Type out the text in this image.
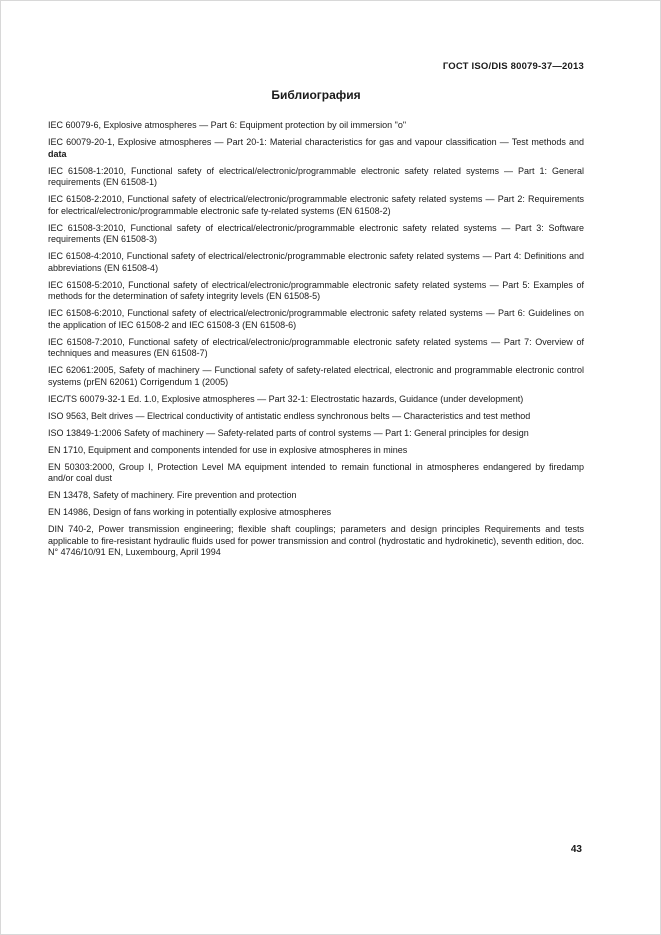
ГОСТ ISO/DIS 80079-37—2013
Библиография

IEC 60079-6, Explosive atmospheres — Part 6: Equipment protection by oil immersion "o"

IEC 60079-20-1, Explosive atmospheres — Part 20-1: Material characteristics for gas and vapour classification — Test methods and data

IEC 61508-1:2010, Functional safety of electrical/electronic/programmable electronic safety related systems — Part 1: General requirements (EN 61508-1)

IEC 61508-2:2010, Functional safety of electrical/electronic/programmable electronic safety related systems — Part 2: Requirements for electrical/electronic/programmable electronic safe ty-related systems (EN 61508-2)

IEC 61508-3:2010, Functional safety of electrical/electronic/programmable electronic safety related systems — Part 3: Software requirements (EN 61508-3)

IEC 61508-4:2010, Functional safety of electrical/electronic/programmable electronic safety related systems — Part 4: Definitions and abbreviations (EN 61508-4)

IEC 61508-5:2010, Functional safety of electrical/electronic/programmable electronic safety related systems — Part 5: Examples of methods for the determination of safety integrity levels (EN 61508-5)

IEC 61508-6:2010, Functional safety of electrical/electronic/programmable electronic safety related systems — Part 6: Guidelines on the application of IEC 61508-2 and IEC 61508-3 (EN 61508-6)

IEC 61508-7:2010, Functional safety of electrical/electronic/programmable electronic safety related systems — Part 7: Overview of techniques and measures (EN 61508-7)

IEC 62061:2005, Safety of machinery — Functional safety of safety-related electrical, electronic and programmable electronic control systems (prEN 62061) Corrigendum 1 (2005)

IEC/TS 60079-32-1 Ed. 1.0, Explosive atmospheres — Part 32-1: Electrostatic hazards, Guidance (under development)

ISO 9563, Belt drives — Electrical conductivity of antistatic endless synchronous belts — Characteristics and test method

ISO 13849-1:2006 Safety of machinery — Safety-related parts of control systems — Part 1: General principles for design

EN 1710, Equipment and components intended for use in explosive atmospheres in mines

EN 50303:2000, Group I, Protection Level MA equipment intended to remain functional in atmospheres endangered by firedamp and/or coal dust

EN 13478, Safety of machinery. Fire prevention and protection

EN 14986, Design of fans working in potentially explosive atmospheres

DIN 740-2, Power transmission engineering; flexible shaft couplings; parameters and design principles Requirements and tests applicable to fire-resistant hydraulic fluids used for power transmission and control (hydrostatic and hydrokinetic), seventh edition, doc. N° 4746/10/91 EN, Luxembourg, April 1994

43
